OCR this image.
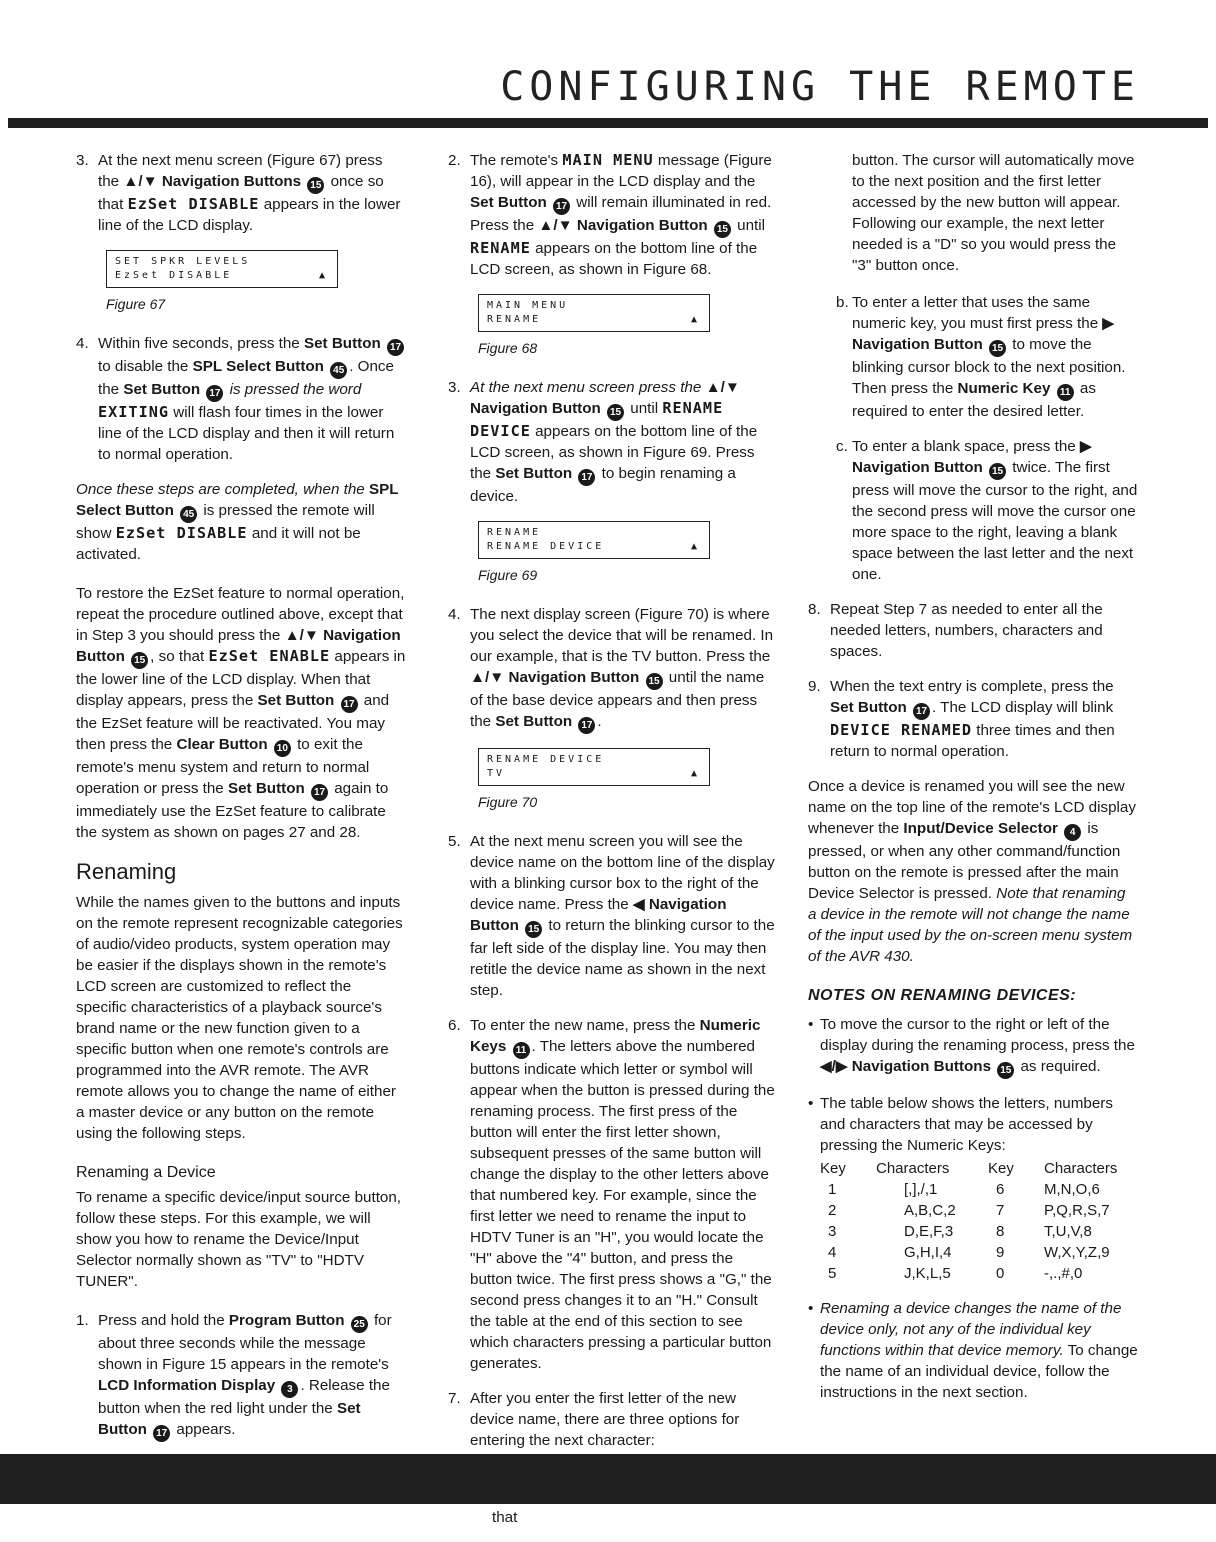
CONFIGURING THE REMOTE
3. At the next menu screen (Figure 67) press the ▲/▼ Navigation Buttons 15 once so that EzSet DISABLE appears in the lower line of the LCD display.
SET SPKR LEVELS
EzSet DISABLE	▲
Figure 67
4. Within five seconds, press the Set Button 17 to disable the SPL Select Button 45 . Once the Set Button 17 is pressed the word EXITING will flash four times in the lower line of the LCD display and then it will return to normal operation.

Once these steps are completed, when the SPL Select Button 45 is pressed the remote will show EzSet DISABLE and it will not be activated.

To restore the EzSet feature to normal operation, repeat the procedure outlined above, except that in Step 3 you should press the ▲/▼ Navigation Button 15 , so that EzSet ENABLE appears in the lower line of the LCD display. When that display appears, press the Set Button 17 and the EzSet feature will be reactivated. You may then press the Clear Button 10 to exit the remote's menu system and return to normal operation or press the Set Button 17 again to immediately use the EzSet feature to calibrate the system as shown on pages 27 and 28.

Renaming

While the names given to the buttons and inputs on the remote represent recognizable categories of audio/video products, system operation may be easier if the displays shown in the remote's LCD screen are customized to reflect the specific characteristics of a playback source's brand name or the new function given to a specific button when one remote's controls are programmed into the AVR remote. The AVR remote allows you to change the name of either a master device or any button on the remote using the following steps.

Renaming a Device

To rename a specific device/input source button, follow these steps. For this example, we will show you how to rename the Device/Input Selector normally shown as "TV" to "HDTV TUNER".

1. Press and hold the Program Button 25 for about three seconds while the message shown in Figure 15 appears in the remote's LCD Information Display 3 . Release the button when the red light under the Set Button 17 appears.
2. The remote's MAIN MENU message (Figure 16), will appear in the LCD display and the Set Button 17 will remain illuminated in red. Press the ▲/▼ Navigation Button 15 until RENAME appears on the bottom line of the LCD screen, as shown in Figure 68.
MAIN MENU
RENAME	▲
Figure 68
3. At the next menu screen press the ▲/▼ Navigation Button 15 until RENAME DEVICE appears on the bottom line of the LCD screen, as shown in Figure 69. Press the Set Button 17 to begin renaming a device.
RENAME
RENAME DEVICE	▲
Figure 69
4. The next display screen (Figure 70) is where you select the device that will be renamed. In our example, that is the TV button. Press the ▲/▼ Navigation Button 15 until the name of the base device appears and then press the Set Button 17 .
RENAME DEVICE
TV	▲
Figure 70
5. At the next menu screen you will see the device name on the bottom line of the display with a blinking cursor box to the right of the device name. Press the ◀ Navigation Button 15 to return the blinking cursor to the far left side of the display line. You may then retitle the device name as shown in the next step.
6. To enter the new name, press the Numeric Keys 11 . The letters above the numbered buttons indicate which letter or symbol will appear when the button is pressed during the renaming process. The first press of the button will enter the first letter shown, subsequent presses of the same button will change the display to the other letters above that numbered key. For example, since the first letter we need to rename the input to HDTV Tuner is an "H", you would locate the "H" above the "4" button, and press the button twice. The first press shows a "G," the second press changes it to an "H." Consult the table at the end of this section to see which characters pressing a particular button generates.
7. After you enter the first letter of the new device name, there are three options for entering the next character:
that

button. The cursor will automatically move to the next position and the first letter accessed by the new button will appear. Following our example, the next letter needed is a "D" so you would press the "3" button once.

b. To enter a letter that uses the same numeric key, you must first press the ▶ Navigation Button 15 to move the blinking cursor block to the next position. Then press the Numeric Key 11 as required to enter the desired letter.
c. To enter a blank space, press the ▶ Navigation Button 15 twice. The first press will move the cursor to the right, and the second press will move the cursor one more space to the right, leaving a blank space between the last letter and the next one.
8. Repeat Step 7 as needed to enter all the needed letters, numbers, characters and spaces.
9. When the text entry is complete, press the Set Button 17 . The LCD display will blink DEVICE RENAMED three times and then return to normal operation.

Once a device is renamed you will see the new name on the top line of the remote's LCD display whenever the Input/Device Selector 4 is pressed, or when any other command/function button on the remote is pressed after the main Device Selector is pressed. Note that renaming a device in the remote will not change the name of the input used by the on-screen menu system of the AVR 430.

NOTES ON RENAMING DEVICES:
• To move the cursor to the right or left of the display during the renaming process, press the ◀/▶ Navigation Buttons 15 as required.
• The table below shows the letters, numbers and characters that may be accessed by pressing the Numeric Keys:
Key	Characters	Key	Characters
1	[,],/,1	6	M,N,O,6
2	A,B,C,2	7	P,Q,R,S,7
3	D,E,F,3	8	T,U,V,8
4	G,H,I,4	9	W,X,Y,Z,9
5	J,K,L,5	0	-,.,#,0
• Renaming a device changes the name of the device only, not any of the individual key functions within that device memory. To change the name of an individual device, follow the instructions in the next section.
